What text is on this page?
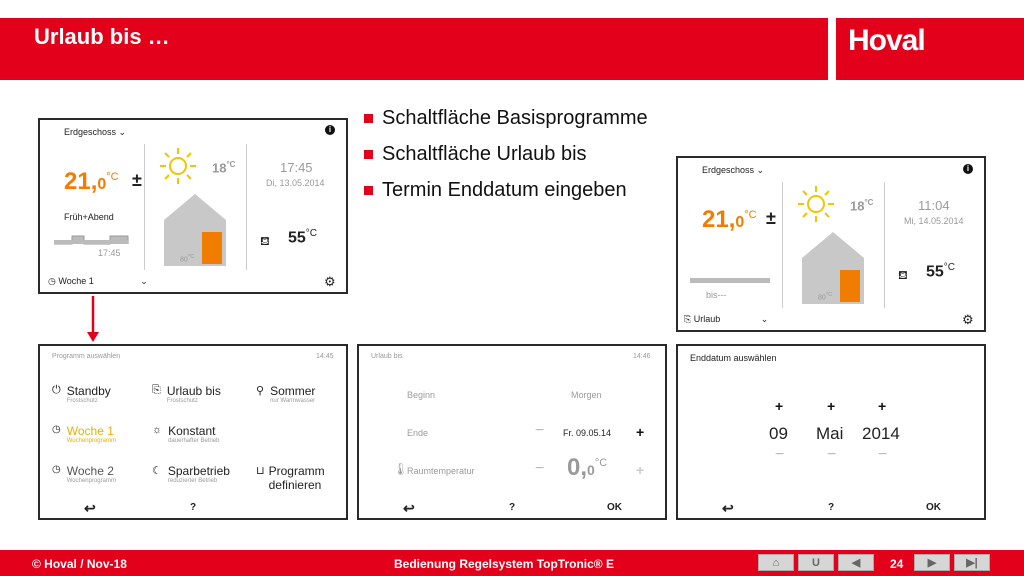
Urlaub bis …	Hoval
Schaltfläche Basisprogramme
Schaltfläche Urlaub bis
Termin Enddatum eingeben
Erdgeschoss ⌄	i
$21,0^{^\circ C}$ ±
Früh+Abend
17:45
$18^{^\circ C}$
$80^{^\circ C}$
17:45
Di, 13.05.2014
⛾ $55^{^\circ C}$
◷ Woche 1	⌄	⚙
Erdgeschoss ⌄	i
$21,0^{^\circ C}$ ±
bis---
$18^{^\circ C}$
$80^{^\circ C}$
11:04
Mi, 14.05.2014
⛾ $55^{^\circ C}$
⎘ Urlaub	⌄	⚙
Programm auswählen	14:45
⏻ Standby
Frostschutz
⎘ Urlaub bis
Frostschutz
⚲ Sommer
nur Warmwasser
◷ Woche 1
Wochenprogramm
☼ Konstant
dauerhafter Betrieb
◷ Woche 2
Wochenprogramm
☾ Sparbetrieb
reduzierter Betrieb
⊔ Programm
definieren
↩	?
Urlaub bis	14:46
Beginn	Morgen
Ende	− Fr. 09.05.14 +
🌡
Raumtemperatur	− $0,0^{^\circ C}$ +
↩	?	OK
Enddatum auswählen
+	+	+
09 Mai 2014
−	−	−
↩	?	OK
© Hoval / Nov-18	Bedienung Regelsystem TopTronic® E	⌂	U	◀ 24 ▶	▶|
